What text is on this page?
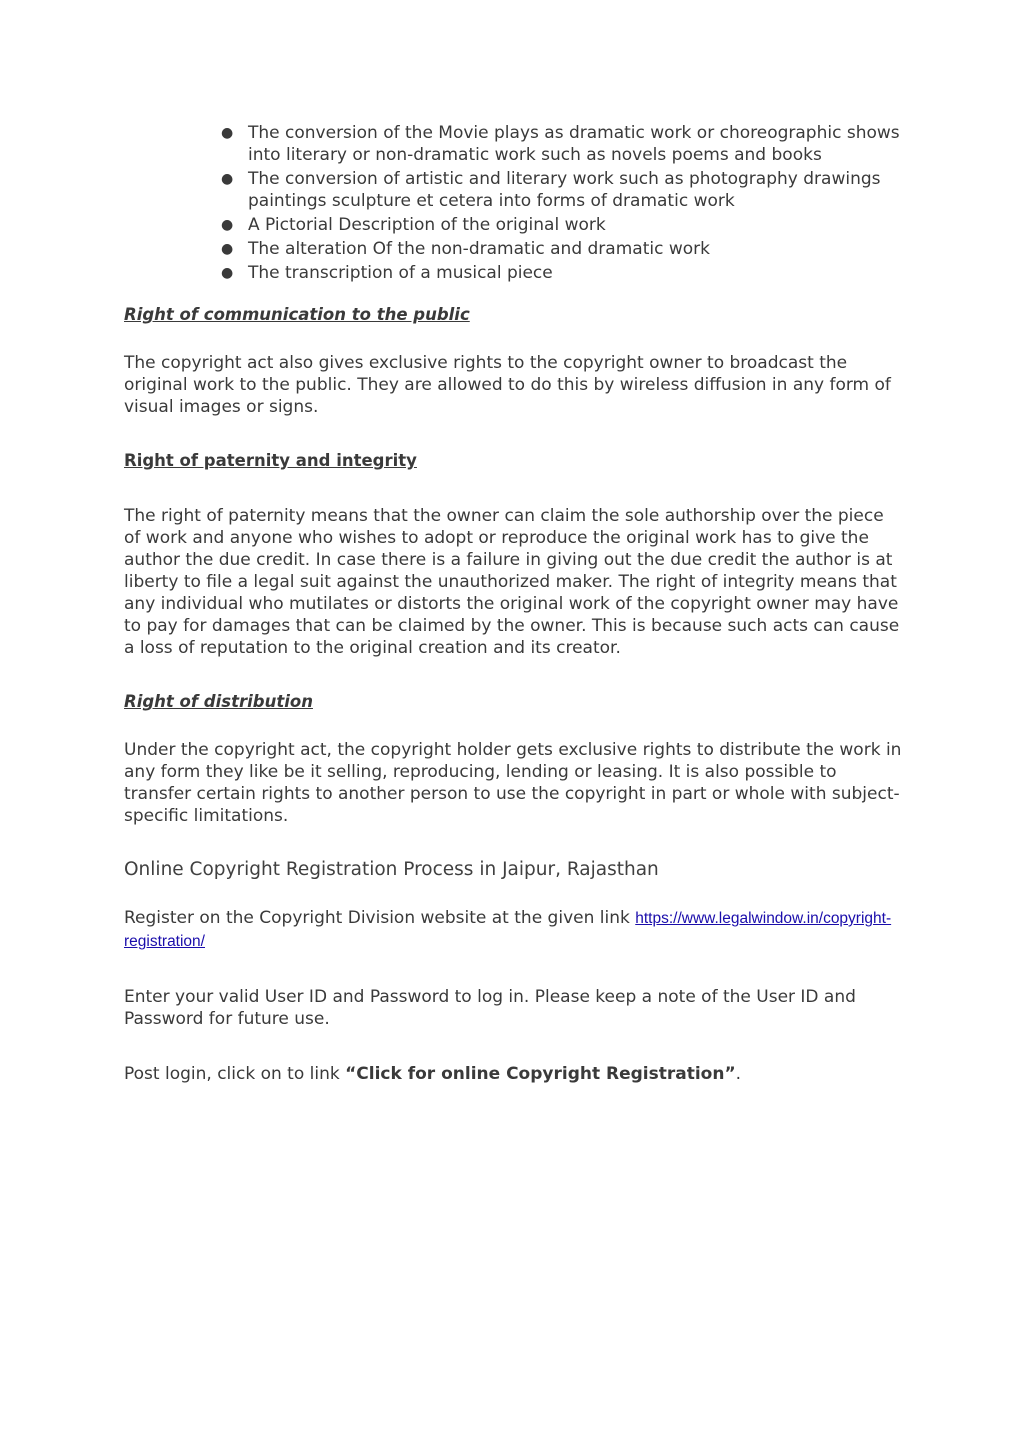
● The conversion of the Movie plays as dramatic work or choreographic shows into literary or non-dramatic work such as novels poems and books
● The conversion of artistic and literary work such as photography drawings paintings sculpture et cetera into forms of dramatic work
● A Pictorial Description of the original work
● The alteration Of the non-dramatic and dramatic work
● The transcription of a musical piece
Right of communication to the public

The copyright act also gives exclusive rights to the copyright owner to broadcast the original work to the public. They are allowed to do this by wireless diffusion in any form of visual images or signs.

Right of paternity and integrity

The right of paternity means that the owner can claim the sole authorship over the piece of work and anyone who wishes to adopt or reproduce the original work has to give the author the due credit. In case there is a failure in giving out the due credit the author is at liberty to file a legal suit against the unauthorized maker. The right of integrity means that any individual who mutilates or distorts the original work of the copyright owner may have to pay for damages that can be claimed by the owner. This is because such acts can cause a loss of reputation to the original creation and its creator.

Right of distribution

Under the copyright act, the copyright holder gets exclusive rights to distribute the work in any form they like be it selling, reproducing, lending or leasing. It is also possible to transfer certain rights to another person to use the copyright in part or whole with subject-specific limitations.

Online Copyright Registration Process in Jaipur, Rajasthan

Register on the Copyright Division website at the given link https://www.legalwindow.in/copyright-registration/

Enter your valid User ID and Password to log in. Please keep a note of the User ID and Password for future use.

Post login, click on to link “Click for online Copyright Registration”.
